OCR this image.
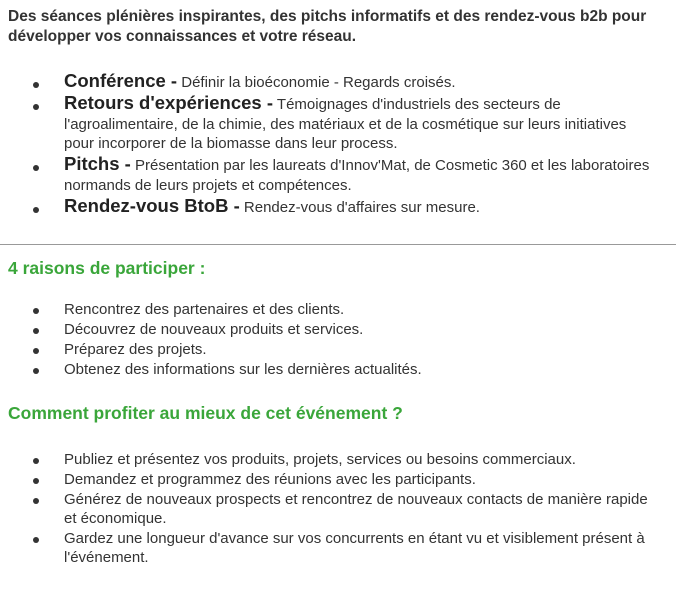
Des séances plénières inspirantes, des pitchs informatifs et des rendez-vous b2b pour développer vos connaissances et votre réseau.
Conférence - Définir la bioéconomie - Regards croisés.
Retours d'expériences - Témoignages d'industriels des secteurs de l'agroalimentaire, de la chimie, des matériaux et de la cosmétique sur leurs initiatives pour incorporer de la biomasse dans leur process.
Pitchs - Présentation par les laureats d'Innov'Mat, de Cosmetic 360 et les laboratoires normands de leurs projets et compétences.
Rendez-vous BtoB - Rendez-vous d'affaires sur mesure.
4 raisons de participer :
Rencontrez des partenaires et des clients.
Découvrez de nouveaux produits et services.
Préparez des projets.
Obtenez des informations sur les dernières actualités.
Comment profiter au mieux de cet événement ?
Publiez et présentez vos produits, projets, services ou besoins commerciaux.
Demandez et programmez des réunions avec les participants.
Générez de nouveaux prospects et rencontrez de nouveaux contacts de manière rapide et économique.
Gardez une longueur d'avance sur vos concurrents en étant vu et visiblement présent à l'événement.
